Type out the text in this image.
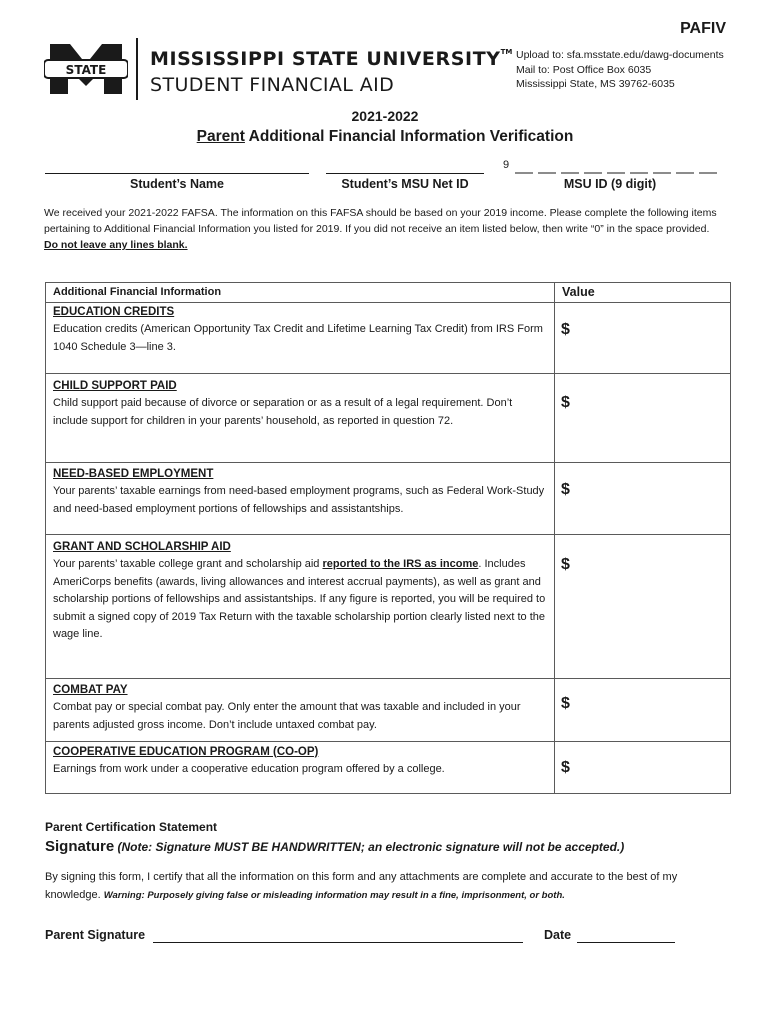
PAFIV
STATE MISSISSIPPI STATE UNIVERSITY™
STUDENT FINANCIAL AID
Upload to: sfa.msstate.edu/dawg-documents
Mail to: Post Office Box 6035
Mississippi State, MS 39762-6035
2021-2022
Parent Additional Financial Information Verification
Student’s Name	Student’s MSU Net ID
9
MSU ID (9 digit)
We received your 2021-2022 FAFSA. The information on this FAFSA should be based on your 2019 income. Please complete the following items pertaining to Additional Financial Information you listed for 2019. If you did not receive an item listed below, then write “0” in the space provided. Do not leave any lines blank.
Additional Financial Information	Value

EDUCATION CREDITS
Education credits (American Opportunity Tax Credit and Lifetime Learning Tax Credit) from IRS Form 1040 Schedule 3—line 3.	$

CHILD SUPPORT PAID
Child support paid because of divorce or separation or as a result of a legal requirement. Don’t include support for children in your parents’ household, as reported in question 72.	$

NEED-BASED EMPLOYMENT
Your parents’ taxable earnings from need-based employment programs, such as Federal Work-Study and need-based employment portions of fellowships and assistantships.	$

GRANT AND SCHOLARSHIP AID
Your parents’ taxable college grant and scholarship aid reported to the IRS as income. Includes AmeriCorps benefits (awards, living allowances and interest accrual payments), as well as grant and scholarship portions of fellowships and assistantships. If any figure is reported, you will be required to submit a signed copy of 2019 Tax Return with the taxable scholarship portion clearly listed next to the wage line.	$

COMBAT PAY
Combat pay or special combat pay. Only enter the amount that was taxable and included in your parents adjusted gross income. Don’t include untaxed combat pay.	$

COOPERATIVE EDUCATION PROGRAM (CO-OP)
Earnings from work under a cooperative education program offered by a college.	$
Parent Certification Statement
Signature (Note: Signature MUST BE HANDWRITTEN; an electronic signature will not be accepted.)
By signing this form, I certify that all the information on this form and any attachments are complete and accurate to the best of my knowledge. Warning: Purposely giving false or misleading information may result in a fine, imprisonment, or both.
Parent Signature	Date
